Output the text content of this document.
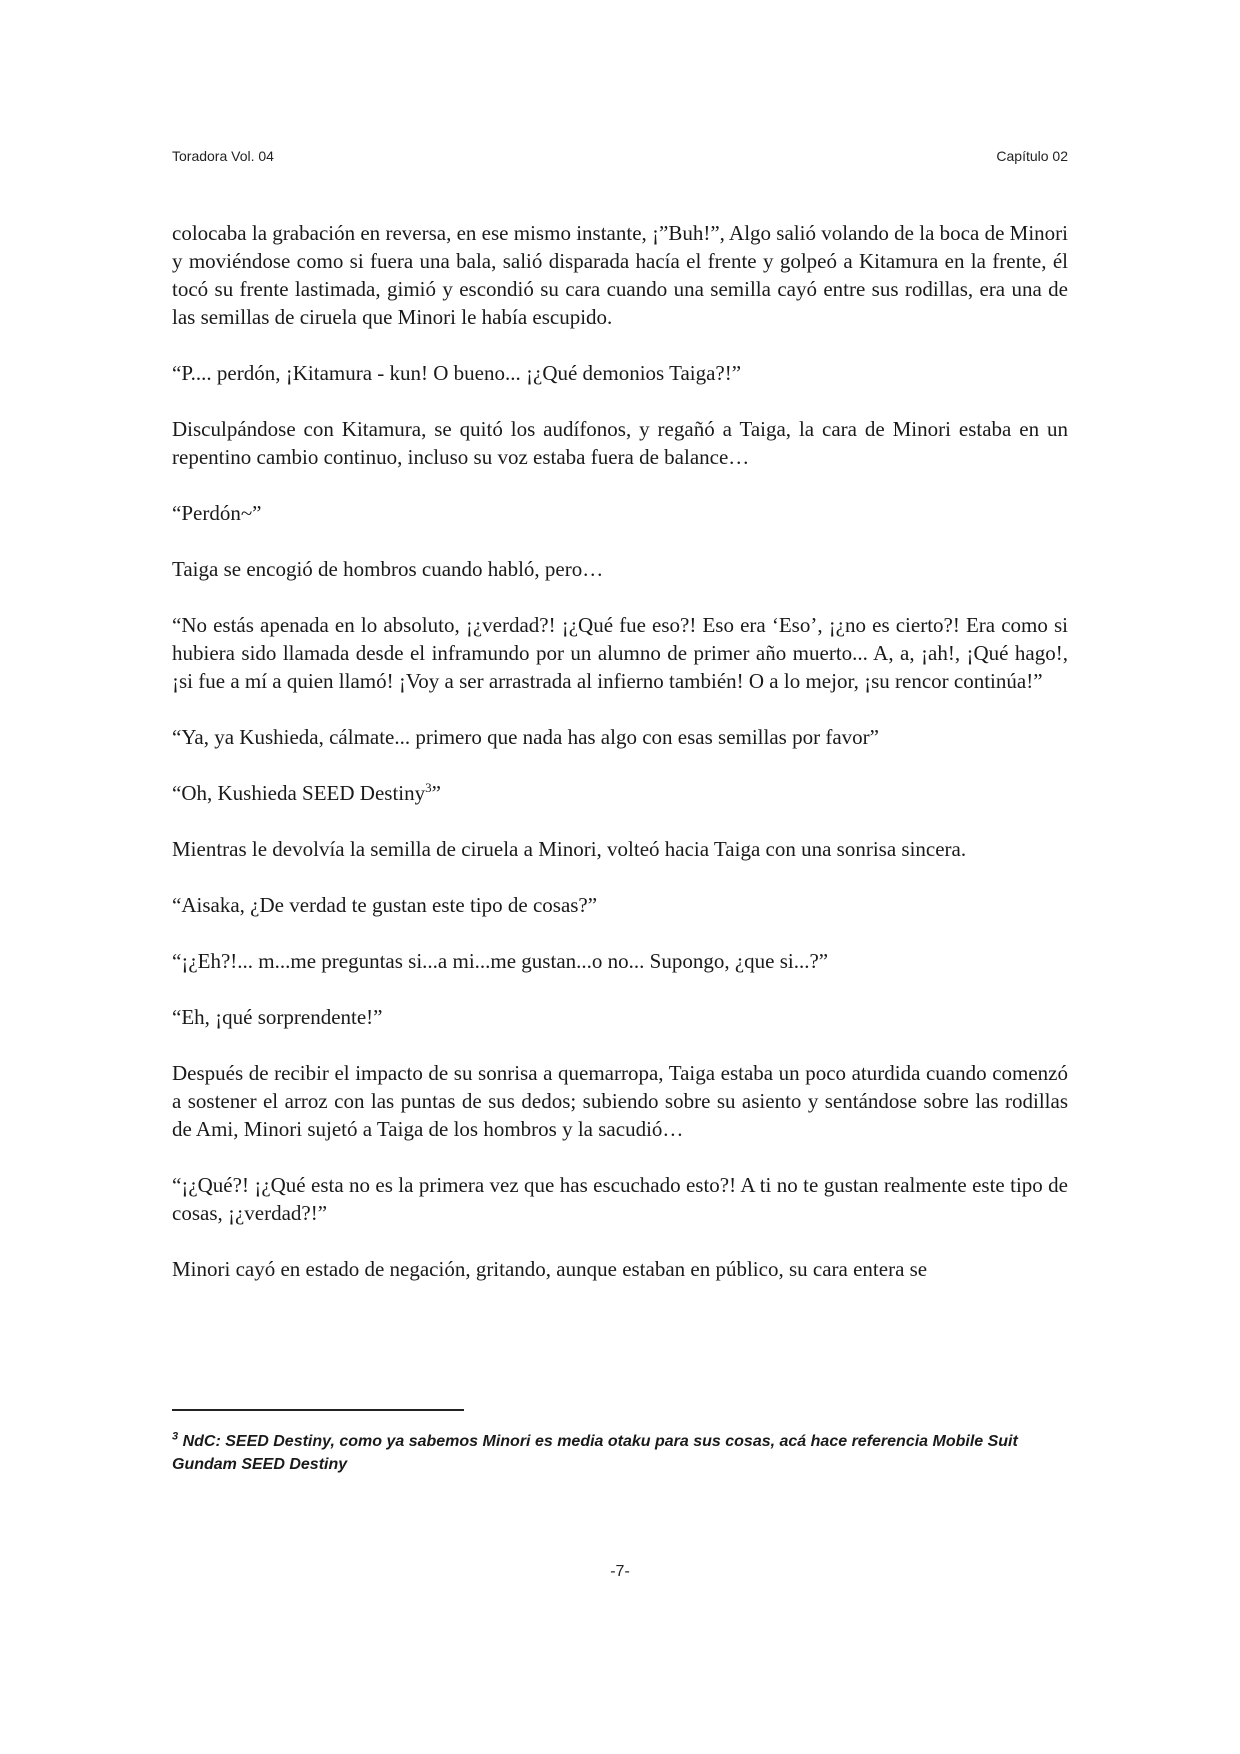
Toradora Vol. 04	Capítulo 02

colocaba la grabación en reversa, en ese mismo instante, ¡”Buh!”, Algo salió volando de la boca de Minori y moviéndose como si fuera una bala, salió disparada hacía el frente y golpeó a Kitamura en la frente, él tocó su frente lastimada, gimió y escondió su cara cuando una semilla cayó entre sus rodillas, era una de las semillas de ciruela que Minori le había escupido.

“P.... perdón, ¡Kitamura - kun! O bueno... ¡¿Qué demonios Taiga?!”

Disculpándose con Kitamura, se quitó los audífonos, y regañó a Taiga, la cara de Minori estaba en un repentino cambio continuo, incluso su voz estaba fuera de balance…

“Perdón~”

Taiga se encogió de hombros cuando habló, pero…

“No estás apenada en lo absoluto, ¡¿verdad?! ¡¿Qué fue eso?! Eso era ‘Eso’, ¡¿no es cierto?! Era como si hubiera sido llamada desde el inframundo por un alumno de primer año muerto... A, a, ¡ah!, ¡Qué hago!, ¡si fue a mí a quien llamó! ¡Voy a ser arrastrada al infierno también! O a lo mejor, ¡su rencor continúa!”

“Ya, ya Kushieda, cálmate... primero que nada has algo con esas semillas por favor”

“Oh, Kushieda SEED Destiny$^3$”

Mientras le devolvía la semilla de ciruela a Minori, volteó hacia Taiga con una sonrisa sincera.

“Aisaka, ¿De verdad te gustan este tipo de cosas?”

“¡¿Eh?!... m...me preguntas si...a mi...me gustan...o no... Supongo, ¿que si...?”

“Eh, ¡qué sorprendente!”

Después de recibir el impacto de su sonrisa a quemarropa, Taiga estaba un poco aturdida cuando comenzó a sostener el arroz con las puntas de sus dedos; subiendo sobre su asiento y sentándose sobre las rodillas de Ami, Minori sujetó a Taiga de los hombros y la sacudió…

“¡¿Qué?! ¡¿Qué esta no es la primera vez que has escuchado esto?! A ti no te gustan realmente este tipo de cosas, ¡¿verdad?!”

Minori cayó en estado de negación, gritando, aunque estaban en público, su cara entera se

$^3$ NdC: SEED Destiny, como ya sabemos Minori es media otaku para sus cosas, acá hace referencia Mobile Suit Gundam SEED Destiny
-7-
